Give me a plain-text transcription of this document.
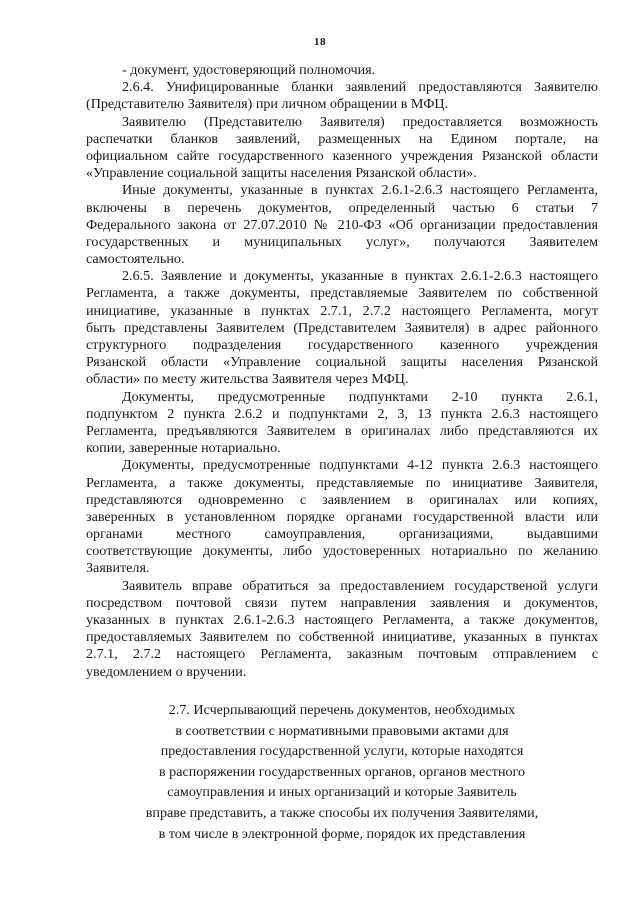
18
- документ, удостоверяющий полномочия.
2.6.4. Унифицированные бланки заявлений предоставляются Заявителю
(Представителю Заявителя) при личном обращении в МФЦ.
Заявителю (Представителю Заявителя) предоставляется возможность
распечатки бланков заявлений, размещенных на Едином портале, на
официальном сайте государственного казенного учреждения Рязанской области
«Управление социальной защиты населения Рязанской области».
Иные документы, указанные в пунктах 2.6.1-2.6.3 настоящего Регламента,
включены в перечень документов, определенный частью 6 статьи 7
Федерального закона от 27.07.2010 № 210-ФЗ «Об организации предоставления
государственных и муниципальных услуг», получаются Заявителем
самостоятельно.
2.6.5. Заявление и документы, указанные в пунктах 2.6.1-2.6.3 настоящего
Регламента, а также документы, представляемые Заявителем по собственной
инициативе, указанные в пунктах 2.7.1, 2.7.2 настоящего Регламента, могут
быть представлены Заявителем (Представителем Заявителя) в адрес районного
структурного подразделения государственного казенного учреждения
Рязанской области «Управление социальной защиты населения Рязанской
области» по месту жительства Заявителя через МФЦ.
Документы, предусмотренные подпунктами 2-10 пункта 2.6.1,
подпунктом 2 пункта 2.6.2 и подпунктами 2, 3, 13 пункта 2.6.3 настоящего
Регламента, предъявляются Заявителем в оригиналах либо представляются их
копии, заверенные нотариально.
Документы, предусмотренные подпунктами 4-12 пункта 2.6.3 настоящего
Регламента, а также документы, представляемые по инициативе Заявителя,
представляются одновременно с заявлением в оригиналах или копиях,
заверенных в установленном порядке органами государственной власти или
органами местного самоуправления, организациями, выдавшими
соответствующие документы, либо удостоверенных нотариально по желанию
Заявителя.
Заявитель вправе обратиться за предоставлением государственой услуги
посредством почтовой связи путем направления заявления и документов,
указанных в пунктах 2.6.1-2.6.3 настоящего Регламента, а также документов,
предоставляемых Заявителем по собственной инициативе, указанных в пунктах
2.7.1, 2.7.2 настоящего Регламента, заказным почтовым отправлением с
уведомлением о вручении.
2.7. Исчерпывающий перечень документов, необходимых
в соответствии с нормативными правовыми актами для
предоставления государственной услуги, которые находятся
в распоряжении государственных органов, органов местного
самоуправления и иных организаций и которые Заявитель
вправе представить, а также способы их получения Заявителями,
в том числе в электронной форме, порядок их представления
